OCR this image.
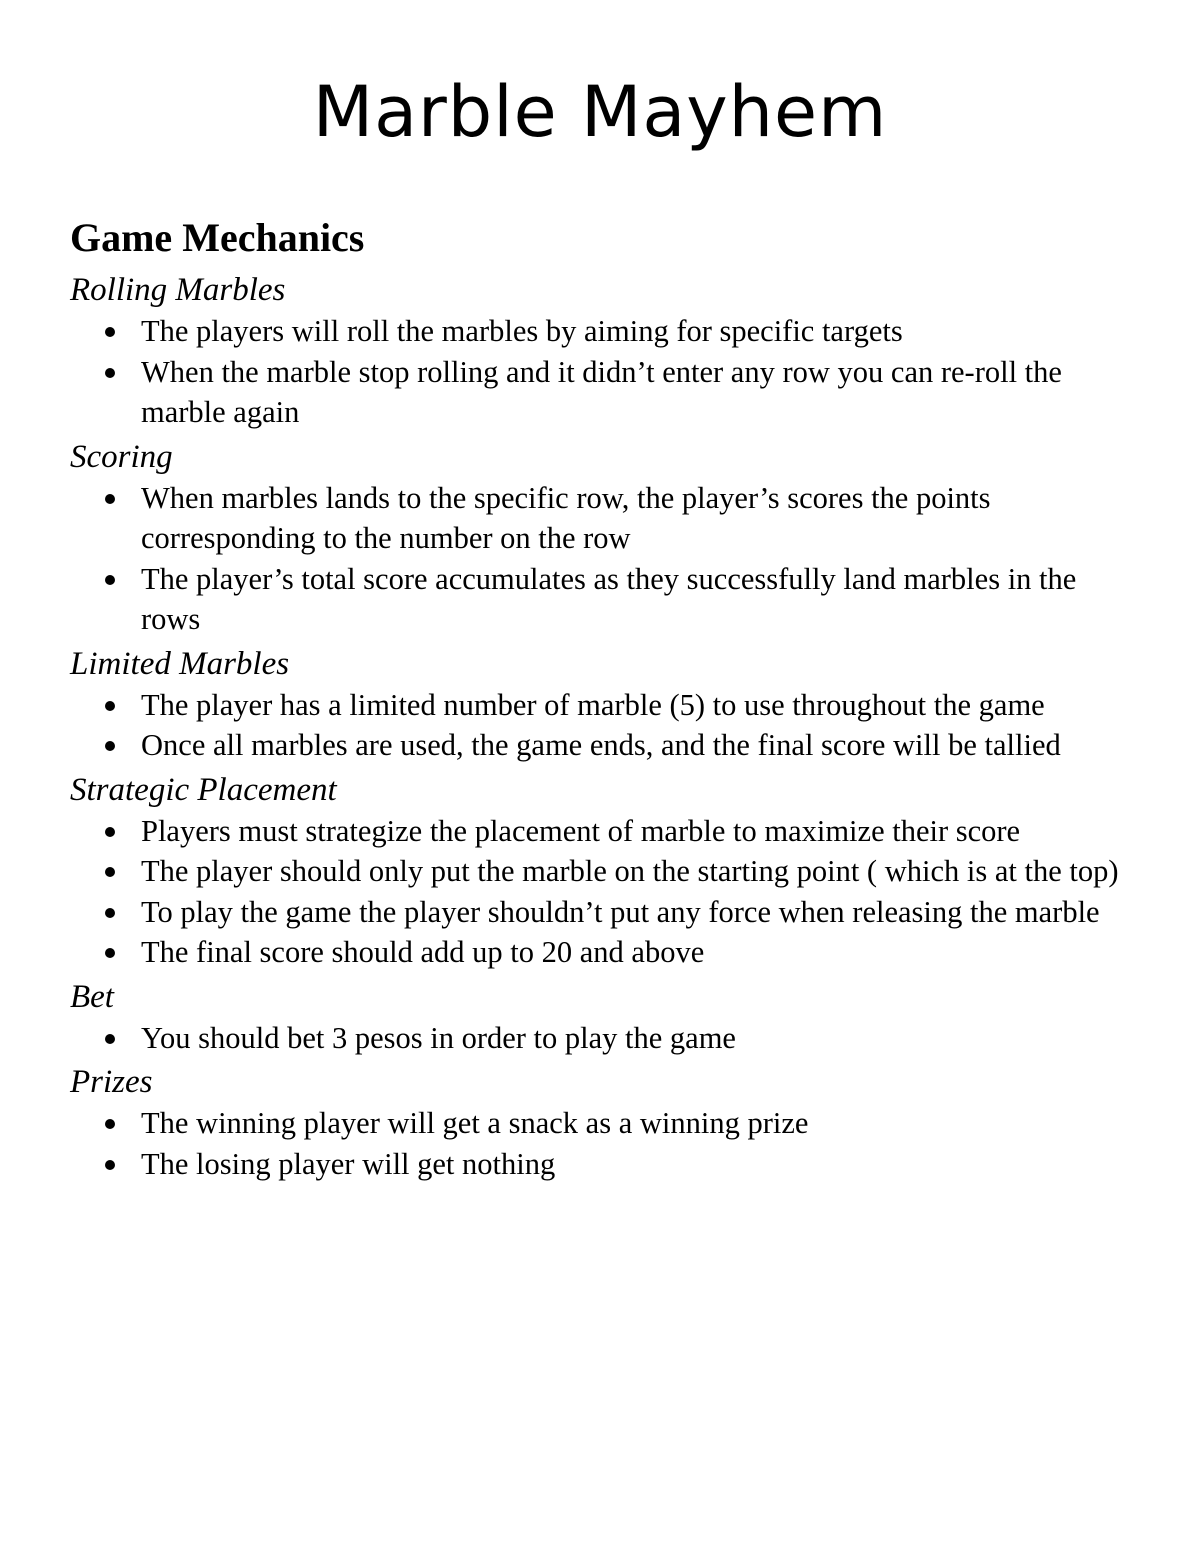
Marble Mayhem
Game Mechanics
Rolling Marbles
The players will roll the marbles by aiming for specific targets
When the marble stop rolling and it didn’t enter any row you can re-roll the marble again
Scoring
When marbles lands to the specific row, the player’s scores the points corresponding to the number on the row
The player’s total score accumulates as they successfully land marbles in the rows
Limited Marbles
The player has a limited number of marble (5) to use throughout the game
Once all marbles are used, the game ends, and the final score will be tallied
Strategic Placement
Players must strategize the placement of marble to maximize their score
The player should only put the marble on the starting point ( which is at the top)
To play the game the player shouldn’t put any force when releasing the marble
The final score should add up to 20 and above
Bet
You should bet 3 pesos in order to play the game
Prizes
The winning player will get a snack as a winning prize
The losing player will get nothing
